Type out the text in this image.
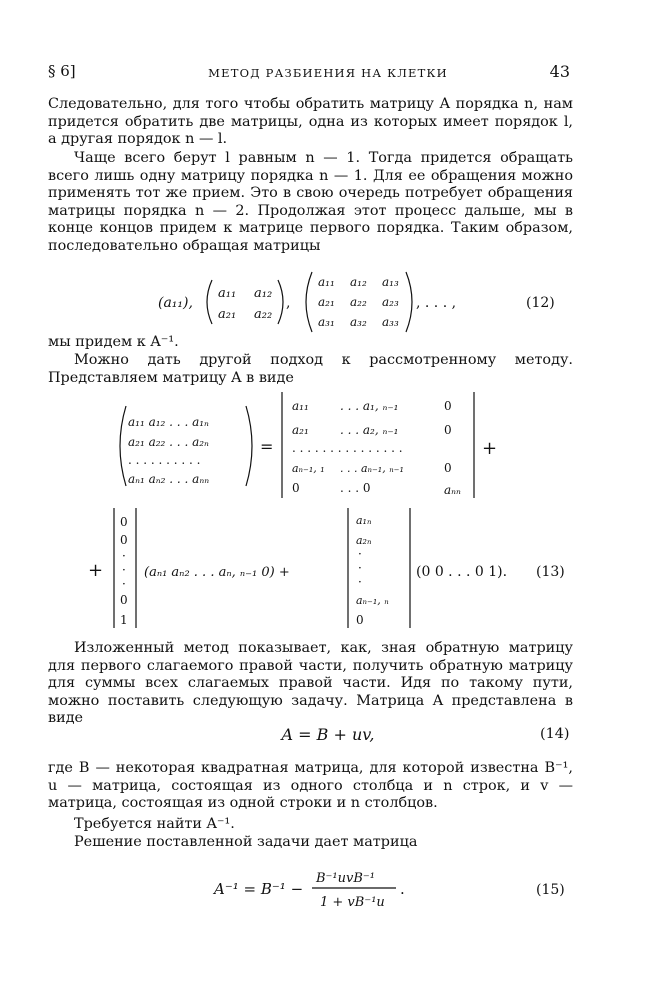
§ 6]	МЕТОД РАЗБИЕНИЯ НА КЛЕТКИ	43
Следовательно, для того чтобы обратить матрицу A порядка n, нам придется обратить две матрицы, одна из которых имеет порядок l, а другая порядок n — l.
Чаще всего берут l равным n — 1. Тогда придется обращать всего лишь одну матрицу порядка n — 1. Для ее обращения можно применять тот же прием. Это в свою очередь потребует обращения матрицы порядка n — 2. Продолжая этот процесс дальше, мы в конце концов придем к матрице первого порядка. Таким образом, последовательно обращая матрицы
(a₁₁),
a₁₁ a₁₂
a₂₁ a₂₂
,
a₁₁ a₁₂ a₁₃
a₂₁ a₂₂ a₂₃
a₃₁ a₃₂ a₃₃
, . . . ,	(12)
мы придем к A⁻¹.
Можно дать другой подход к рассмотренному методу. Представляем матрицу A в виде
a₁₁ a₁₂ . . . a₁ₙ
a₂₁ a₂₂ . . . a₂ₙ
. . . . . . . . . .
aₙ₁ aₙ₂ . . . aₙₙ
=
a₁₁	. . . a₁, ₙ₋₁	0
a₂₁	. . . a₂, ₙ₋₁	0
. . . . . . . . . . . . . . .
aₙ₋₁, ₁ . . . aₙ₋₁, ₙ₋₁	0
0	. . . 0	aₙₙ
+
+
0
0
·
·
·
0
1
(aₙ₁ aₙ₂ . . . aₙ, ₙ₋₁ 0) +
a₁ₙ
a₂ₙ
·
·
·
aₙ₋₁, ₙ
0
(0 0 . . . 0 1). (13)
Изложенный метод показывает, как, зная обратную матрицу для первого слагаемого правой части, получить обратную матрицу для суммы всех слагаемых правой части. Идя по такому пути, можно поставить следующую задачу. Матрица A представлена в виде
A = B + uv,	(14)
где B — некоторая квадратная матрица, для которой известна B⁻¹, u — матрица, состоящая из одного столбца и n строк, и v — матрица, состоящая из одной строки и n столбцов.
Требуется найти A⁻¹.
Решение поставленной задачи дает матрица
A⁻¹ = B⁻¹ −
B⁻¹uvB⁻¹
1 + vB⁻¹u
.	(15)
